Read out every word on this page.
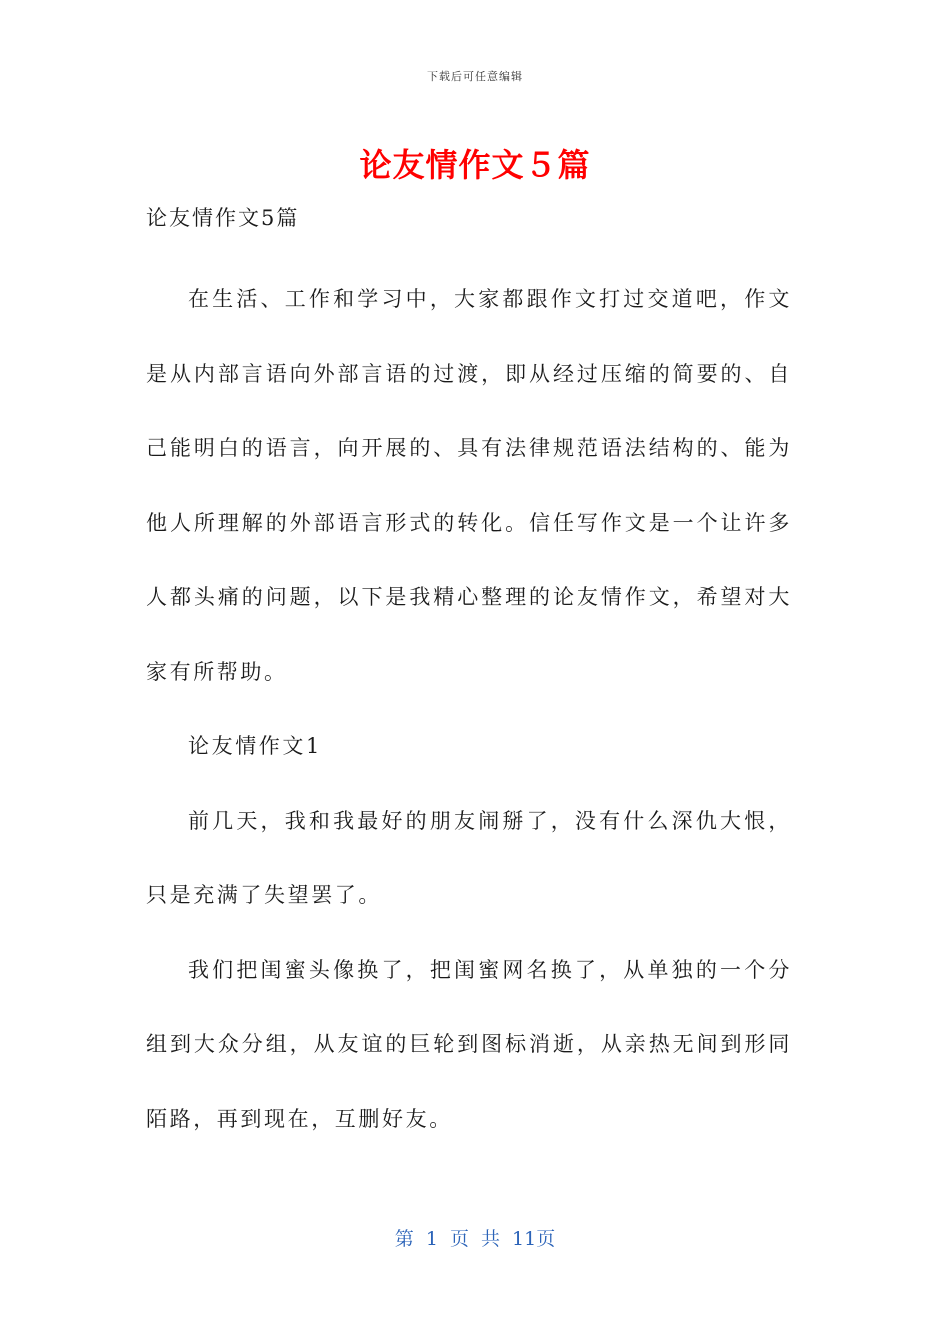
下载后可任意编辑
论友情作文５篇
论友情作文5篇

在生活、工作和学习中，大家都跟作文打过交道吧，作文是从内部言语向外部言语的过渡，即从经过压缩的简要的、自己能明白的语言，向开展的、具有法律规范语法结构的、能为他人所理解的外部语言形式的转化。信任写作文是一个让许多人都头痛的问题，以下是我精心整理的论友情作文，希望对大家有所帮助。

论友情作文1

前几天，我和我最好的朋友闹掰了，没有什么深仇大恨，只是充满了失望罢了。

我们把闺蜜头像换了，把闺蜜网名换了，从单独的一个分组到大众分组，从友谊的巨轮到图标消逝，从亲热无间到形同陌路，再到现在，互删好友。

第 1 页 共 11页
